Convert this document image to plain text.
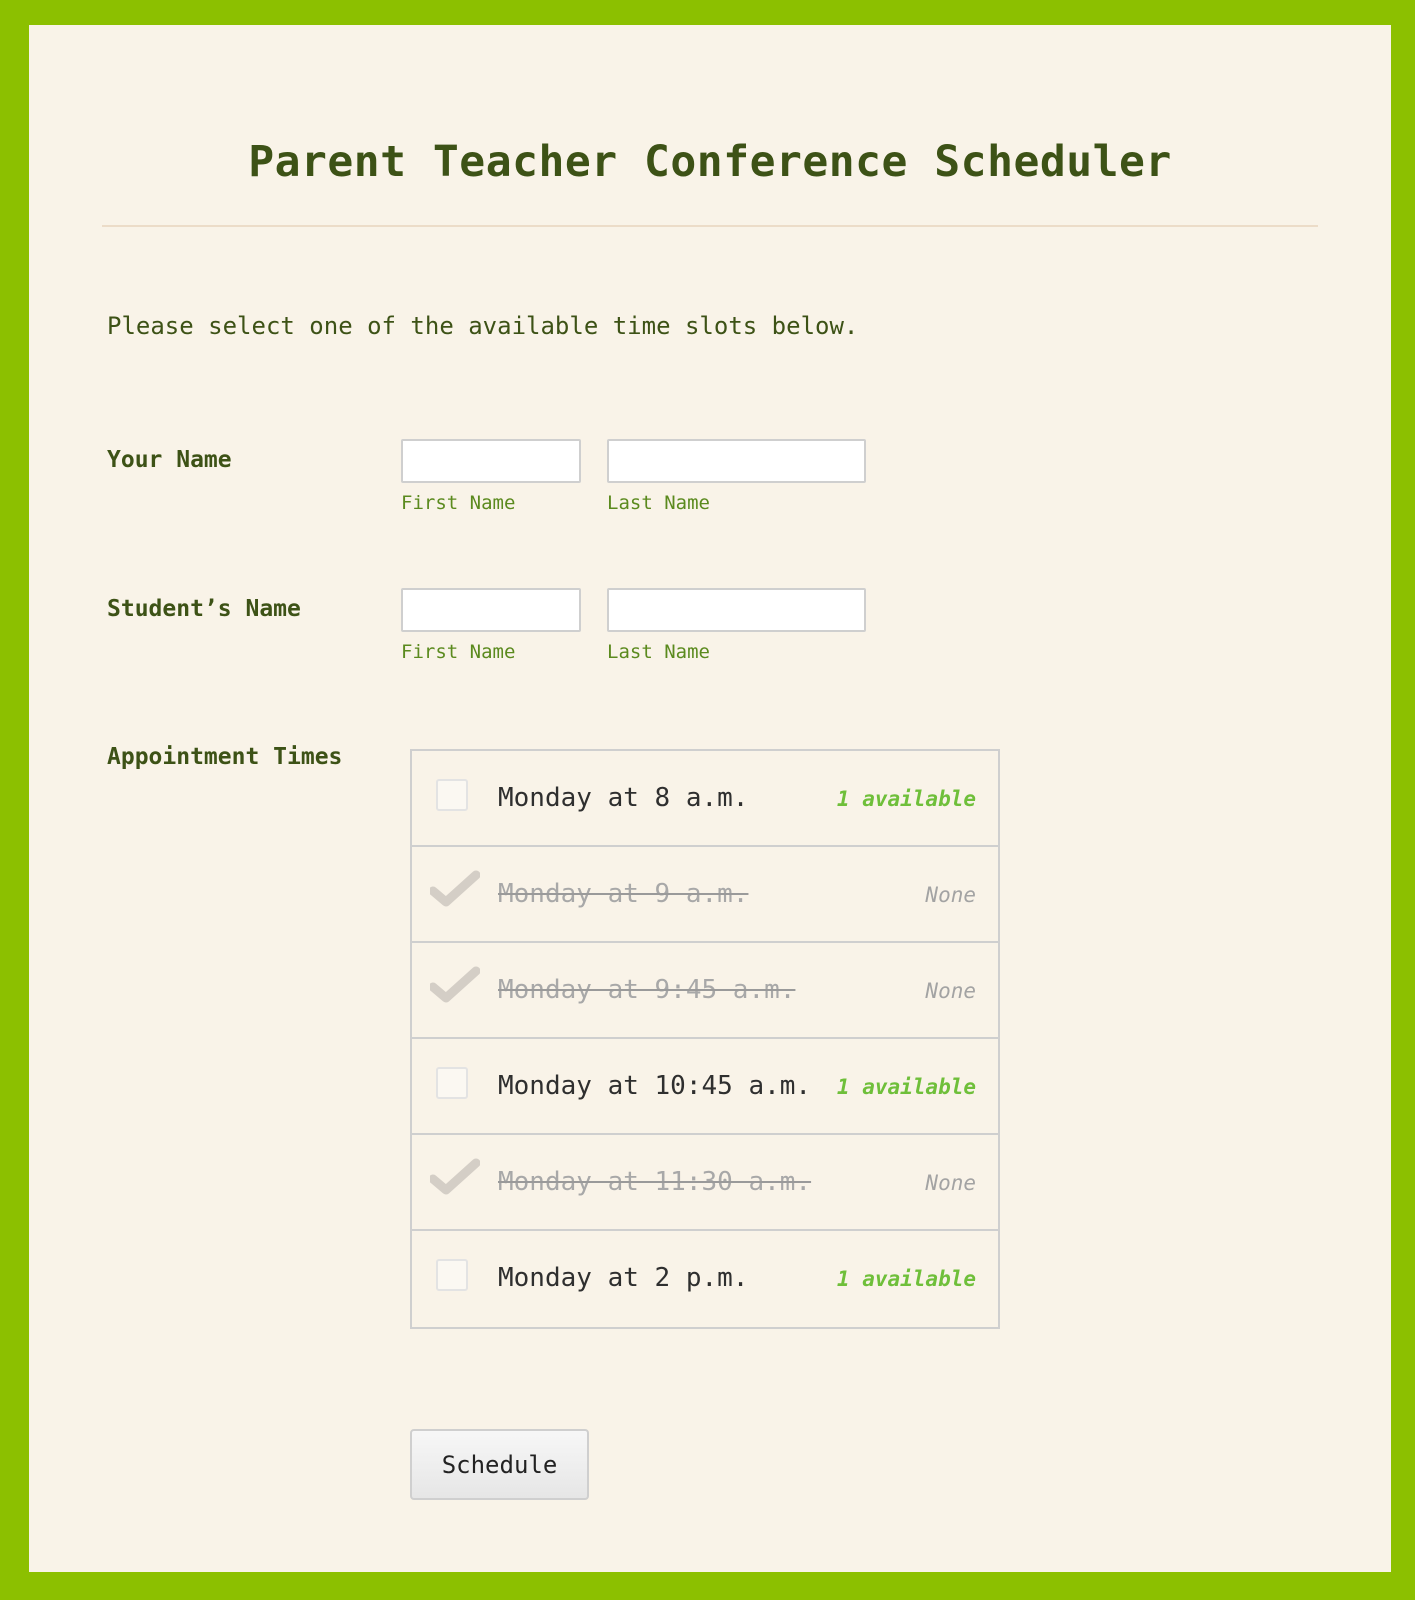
Parent Teacher Conference Scheduler
Please select one of the available time slots below.
Your Name
First Name	Last Name
Student’s Name
First Name	Last Name
Appointment Times
Monday at 8 a.m.	1 available
Monday at 9 a.m.	None
Monday at 9:45 a.m.	None
Monday at 10:45 a.m. 1 available
Monday at 11:30 a.m.	None
Monday at 2 p.m.	1 available
Schedule
